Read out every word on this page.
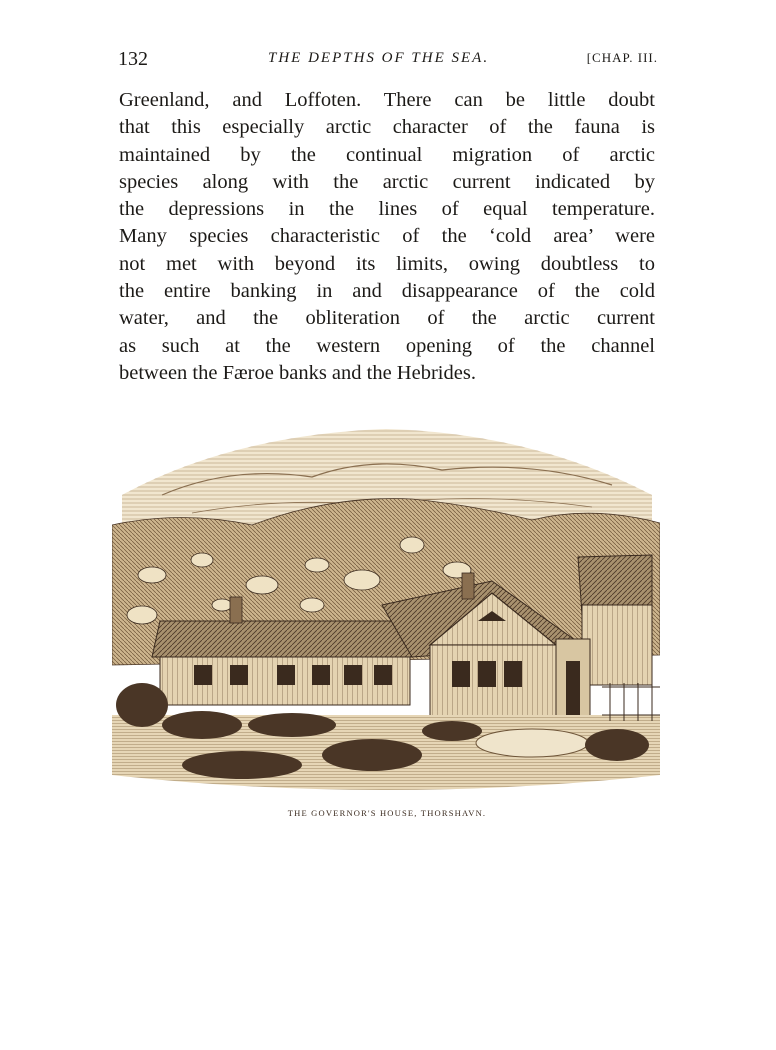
132	THE DEPTHS OF THE SEA.	[CHAP. III.

Greenland, and Loffoten. There can be little doubt
that this especially arctic character of the fauna is
maintained by the continual migration of arctic
species along with the arctic current indicated by
the depressions in the lines of equal temperature.
Many species characteristic of the ‘cold area’ were
not met with beyond its limits, owing doubtless to
the entire banking in and disappearance of the cold
water, and the obliteration of the arctic current
as such at the western opening of the channel
between the Færoe banks and the Hebrides.

THE GOVERNOR'S HOUSE, THORSHAVN.
